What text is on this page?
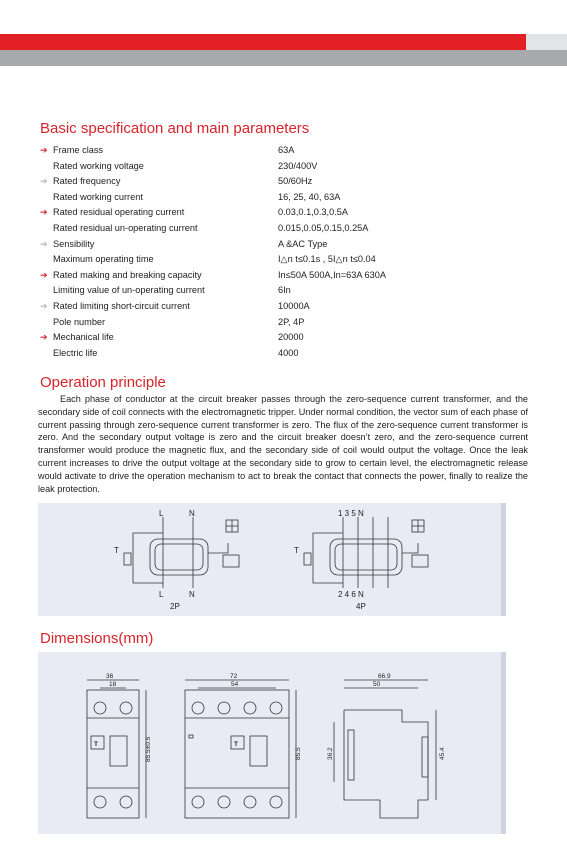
Basic specification and main parameters
➔ Frame class	63A
Rated working voltage	230/400V
➔ Rated frequency	50/60Hz
Rated working current	16, 25, 40, 63A
➔ Rated residual operating current	0.03,0.1,0.3,0.5A
Rated residual un-operating current	0.015,0.05,0.15,0.25A
➔ Sensibility	A &AC Type
Maximum operating time	I△n t≤0.1s , 5I△n t≤0.04
➔ Rated making and breaking capacity	In≤50A 500A,In=63A 630A
Limiting value of un-operating current	6In
➔ Rated limiting short-circuit current	10000A
Pole number	2P, 4P
➔ Mechanical life	20000
Electric life	4000
Operation principle
Each phase of conductor at the circuit breaker passes through the zero-sequence current transformer, and the secondary side of coil connects with the electromagnetic tripper. Under normal condition, the vector sum of each phase of current passing through zero-sequence current transformer is zero. The flux of the zero-sequence current transformer is zero. And the secondary output voltage is zero and the circuit breaker doesn’t zero, and the zero-sequence current transformer would produce the magnetic flux, and the secondary side of coil would output the voltage. Once the leak current increases to drive the output voltage at the secondary side to grow to certain level, the electromagnetic release would activate to drive the operation mechanism to act to break the contact that connects the power, finally to realize the leak protection.
L	N
L	N
T
2P
1 3 5 N
2 4 6 N
T
4P
Dimensions(mm)
36
18
85.5±0.5
72
54
85.5
66.9
50
36.2	45.4
T	T
